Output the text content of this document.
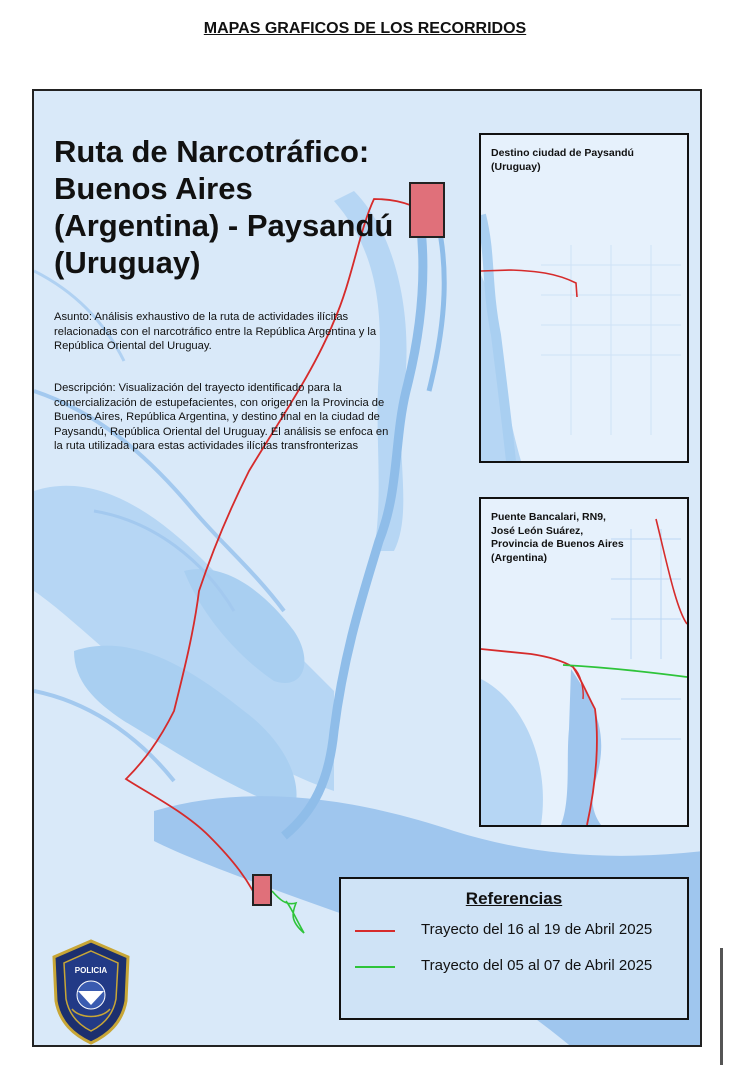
MAPAS GRAFICOS DE LOS RECORRIDOS
Ruta de Narcotráfico: Buenos Aires (Argentina) - Paysandú (Uruguay)
Asunto: Análisis exhaustivo de la ruta de actividades ilícitas relacionadas con el narcotráfico entre la República Argentina y la República Oriental del Uruguay.
Descripción: Visualización del trayecto identificado para la comercialización de estupefacientes, con origen en la Provincia de Buenos Aires, República Argentina, y destino final en la ciudad de Paysandú, República Oriental del Uruguay. El análisis se enfoca en la ruta utilizada para estas actividades ilícitas transfronterizas
Destino ciudad de Paysandú (Uruguay)
Puente Bancalari, RN9, José León Suárez, Provincia de Buenos Aires (Argentina)
Referencias
Trayecto del 16 al 19 de Abril 2025
Trayecto del 05 al 07 de Abril 2025
POLICIA
